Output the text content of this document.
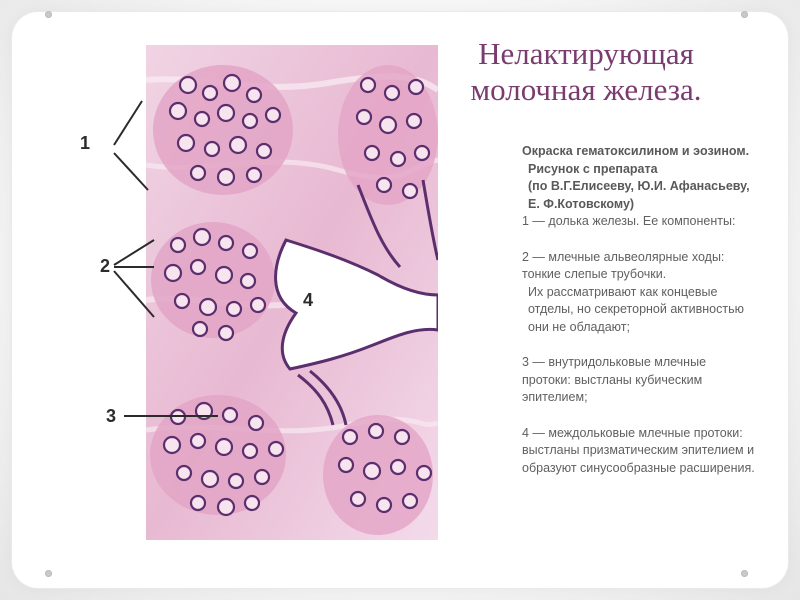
1
2
3
4
Нелактирующая молочная железа.

Окраска гематоксилином и эозином.

Рисунок с препарата

(по В.Г.Елисееву, Ю.И. Афанасьеву, Е. Ф.Котовскому)

1 — долька железы. Ее компоненты:

2 — млечные альвеолярные ходы: тонкие слепые трубочки.

Их рассматривают как концевые отделы, но секреторной активностью они не обладают;

3 — внутридольковые млечные протоки: выстланы кубическим эпителием;

4 — междольковые млечные протоки: выстланы призматическим эпителием и образуют синусообразные расширения.
